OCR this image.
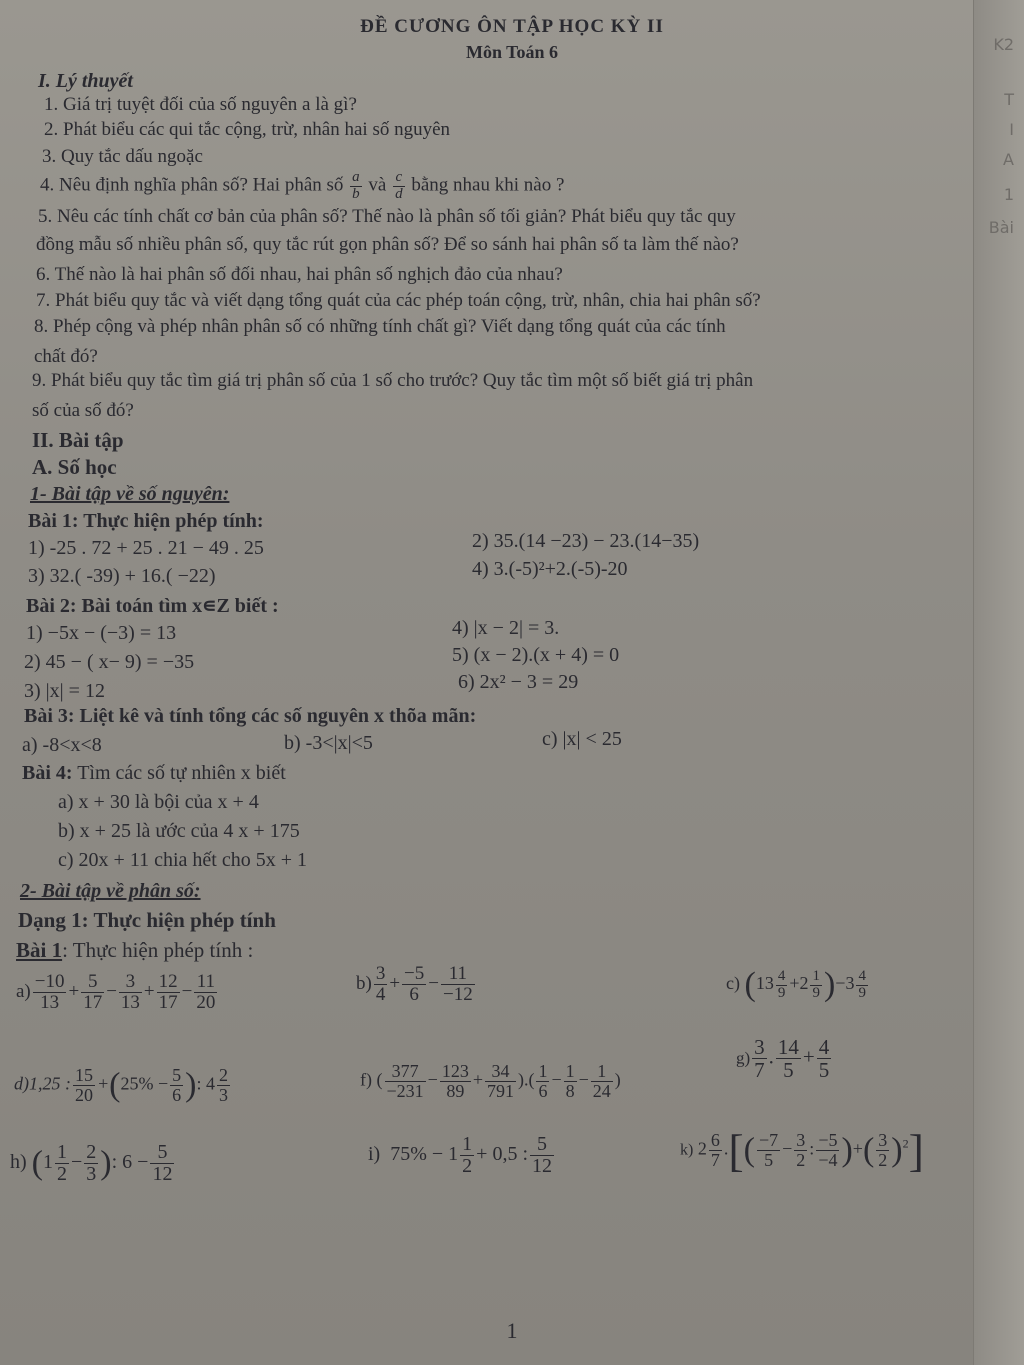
K2
T
I
A
1
Bài
ĐỀ CƯƠNG ÔN TẬP HỌC KỲ II
Môn Toán 6
I. Lý thuyết
1. Giá trị tuyệt đối của số nguyên a là gì?
2. Phát biểu các qui tắc cộng, trừ, nhân hai số nguyên
3. Quy tắc dấu ngoặc
4. Nêu định nghĩa phân số? Hai phân số $\frac{a}{b}$ và $\frac{c}{d}$ bằng nhau khi nào ?
5. Nêu các tính chất cơ bản của phân số? Thế nào là phân số tối giản? Phát biểu quy tắc quy
đồng mẫu số nhiều phân số, quy tắc rút gọn phân số? Để so sánh hai phân số ta làm thế nào?
6. Thế nào là hai phân số đối nhau, hai phân số nghịch đảo của nhau?
7. Phát biểu quy tắc và viết dạng tổng quát của các phép toán cộng, trừ, nhân, chia hai phân số?
8. Phép cộng và phép nhân phân số có những tính chất gì? Viết dạng tổng quát của các tính
chất đó?
9. Phát biểu quy tắc tìm giá trị phân số của 1 số cho trước? Quy tắc tìm một số biết giá trị phân
số của số đó?
II. Bài tập
A. Số học
1- Bài tập về số nguyên:
Bài 1: Thực hiện phép tính:
1) -25 . 72 + 25 . 21 − 49 . 25	2) 35.(14 −23) − 23.(14−35)
3) 32.( -39) + 16.( −22)	4) 3.(-5)²+2.(-5)-20
Bài 2: Bài toán tìm x∊Z biết :
1) −5x − (−3) = 13
2) 45 − ( x− 9) = −35
3) |x| = 12
4) |x − 2| = 3.
5) (x − 2).(x + 4) = 0
6) 2x² − 3 = 29
Bài 3: Liệt kê và tính tổng các số nguyên x thõa mãn:
a) -8<x<8	b) -3<|x|<5	c) |x| < 25
Bài 4: Tìm các số tự nhiên x biết
a) x + 30 là bội của x + 4
b) x + 25 là ước của 4 x + 175
c) 20x + 11 chia hết cho 5x + 1
2- Bài tập về phân số:
Dạng 1: Thực hiện phép tính
Bài 1: Thực hiện phép tính :
$a) \frac{-10}{13} + \frac{5}{17} - \frac{3}{13} + \frac{12}{17} - \frac{11}{20}$	$b) \frac{3}{4} + \frac{-5}{6} - \frac{11}{-12}$	c) $(13 \frac{4}{9} +2 \frac{1}{9} )-3 \frac{4}{9}$
d)1,25 : $\frac{15}{20} +(25\% - \frac{5}{6}$ ): $4 \frac{2}{3}$	f) ( $\frac{377}{-231} - \frac{123}{89} + \frac{34}{791}$ ).( $\frac{1}{6} - \frac{1}{8} - \frac{1}{24}$ )
$g) \frac{3}{7}$ . $\frac{14}{5} + \frac{4}{5}$
h) ($1 \frac{1}{2} - \frac{2}{3}$ ): $6 - \frac{5}{12}$	i) $75\% - 1 \frac{1}{2} + 0,5$ : $\frac{5}{12}$	k) $2 \frac{6}{7}$ .[( $\frac{-7}{5} - \frac{3}{2}$ : $\frac{-5}{-4}$ )+( $\frac{3}{2} )^2$]
1
